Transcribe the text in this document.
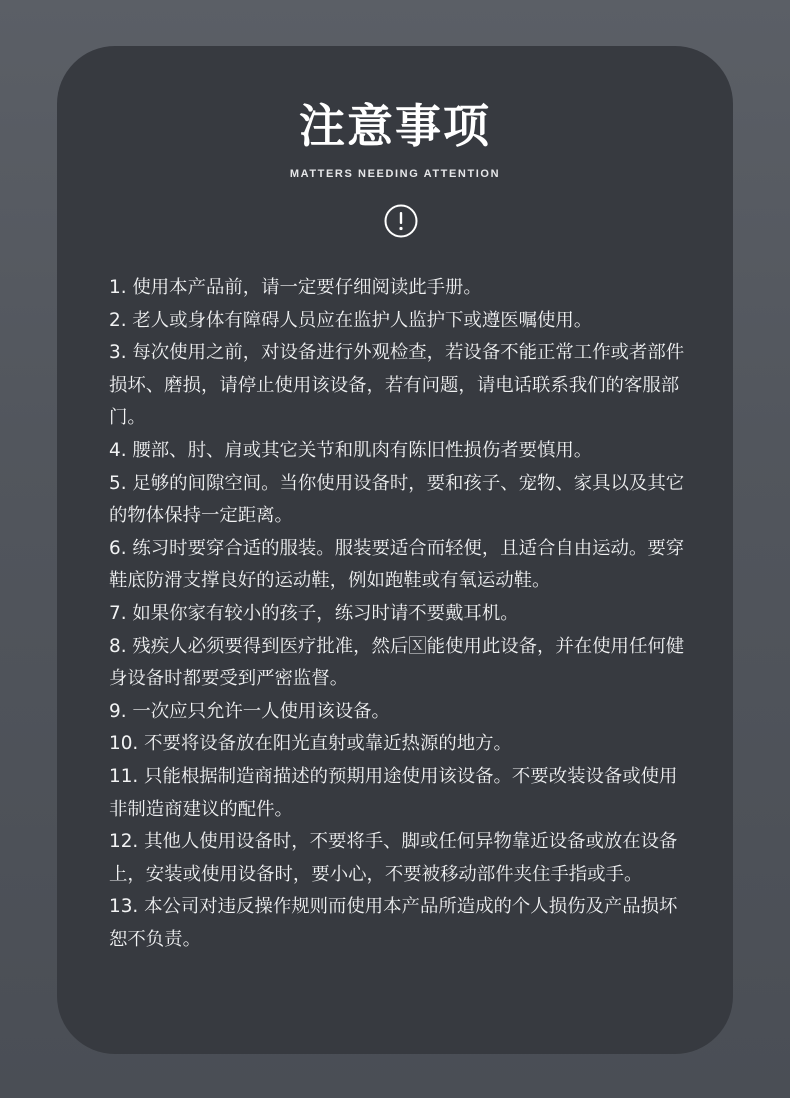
注意事项
MATTERS NEEDING ATTENTION
1. 使用本产品前，请一定要仔细阅读此手册。
2. 老人或身体有障碍人员应在监护人监护下或遵医嘱使用。
3. 每次使用之前，对设备进行外观检查，若设备不能正常工作或者部件损坏、磨损，请停止使用该设备，若有问题，请电话联系我们的客服部门。
4. 腰部、肘、肩或其它关节和肌肉有陈旧性损伤者要慎用。
5. 足够的间隙空间。当你使用设备时，要和孩子、宠物、家具以及其它的物体保持一定距离。
6. 练习时要穿合适的服装。服装要适合而轻便，且适合自由运动。要穿鞋底防滑支撑良好的运动鞋，例如跑鞋或有氧运动鞋。
7. 如果你家有较小的孩子，练习时请不要戴耳机。
8. 残疾人必须要得到医疗批准，然后🅇能使用此设备，并在使用任何健身设备时都要受到严密监督。
9. 一次应只允许一人使用该设备。
10. 不要将设备放在阳光直射或靠近热源的地方。
11. 只能根据制造商描述的预期用途使用该设备。不要改装设备或使用非制造商建议的配件。
12. 其他人使用设备时，不要将手、脚或任何异物靠近设备或放在设备上，安装或使用设备时，要小心，不要被移动部件夹住手指或手。
13. 本公司对违反操作规则而使用本产品所造成的个人损伤及产品损坏恕不负责。
